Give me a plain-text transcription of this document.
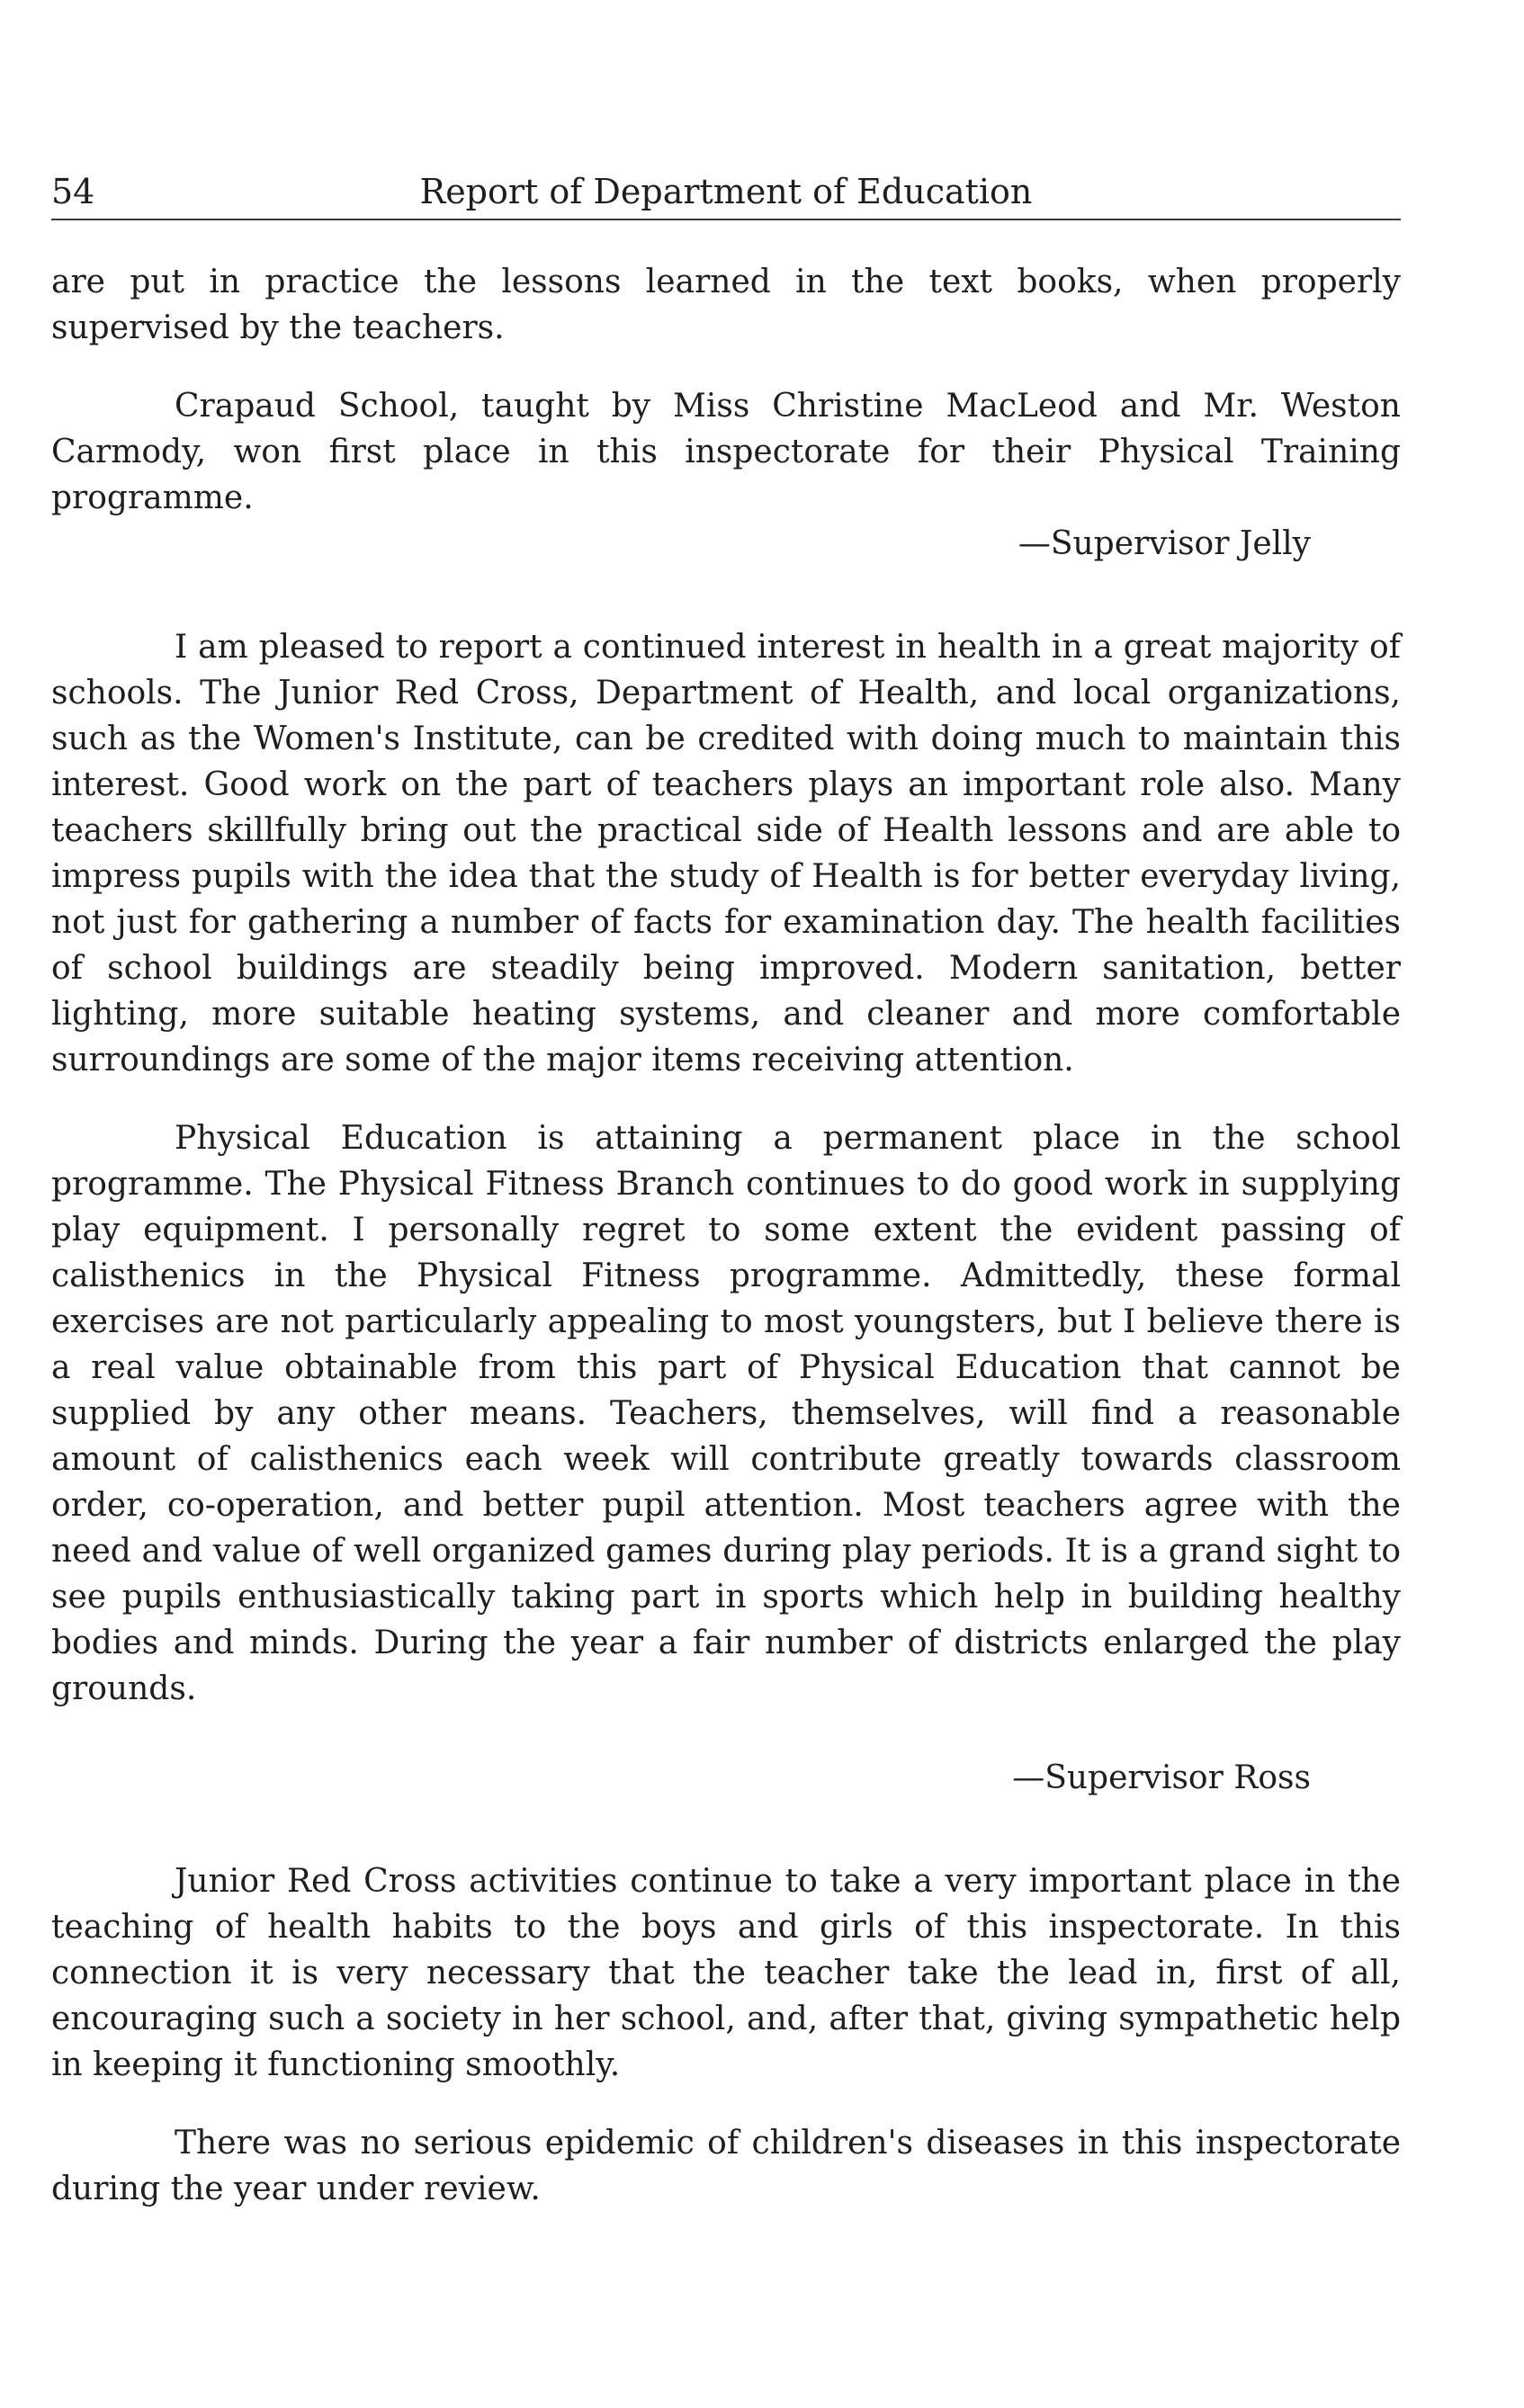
Report of Department of Education
54

are put in practice the lessons learned in the text books, when properly supervised by the teachers.

Crapaud School, taught by Miss Christine MacLeod and Mr. Weston Carmody, won first place in this inspectorate for their Physical Training programme.

—Supervisor Jelly

I am pleased to report a continued interest in health in a great majority of schools. The Junior Red Cross, Department of Health, and local organizations, such as the Women's Institute, can be credited with doing much to maintain this interest. Good work on the part of teachers plays an important role also. Many teachers skillfully bring out the practical side of Health lessons and are able to impress pupils with the idea that the study of Health is for better everyday living, not just for gathering a number of facts for examination day. The health facilities of school buildings are steadily being improved. Modern sanitation, better lighting, more suitable heating systems, and cleaner and more comfortable surroundings are some of the major items receiving attention.

Physical Education is attaining a permanent place in the school programme. The Physical Fitness Branch continues to do good work in supplying play equipment. I personally regret to some extent the evident passing of calisthenics in the Physical Fitness programme. Admittedly, these formal exercises are not particularly appealing to most youngsters, but I believe there is a real value obtainable from this part of Physical Education that cannot be supplied by any other means. Teachers, themselves, will find a reasonable amount of calisthenics each week will contribute greatly towards classroom order, co-operation, and better pupil attention. Most teachers agree with the need and value of well organized games during play periods. It is a grand sight to see pupils enthusiastically taking part in sports which help in building healthy bodies and minds. During the year a fair number of districts enlarged the play grounds.

—Supervisor Ross

Junior Red Cross activities continue to take a very important place in the teaching of health habits to the boys and girls of this inspectorate. In this connection it is very necessary that the teacher take the lead in, first of all, encouraging such a society in her school, and, after that, giving sympathetic help in keeping it functioning smoothly.

There was no serious epidemic of children's diseases in this inspectorate during the year under review.
